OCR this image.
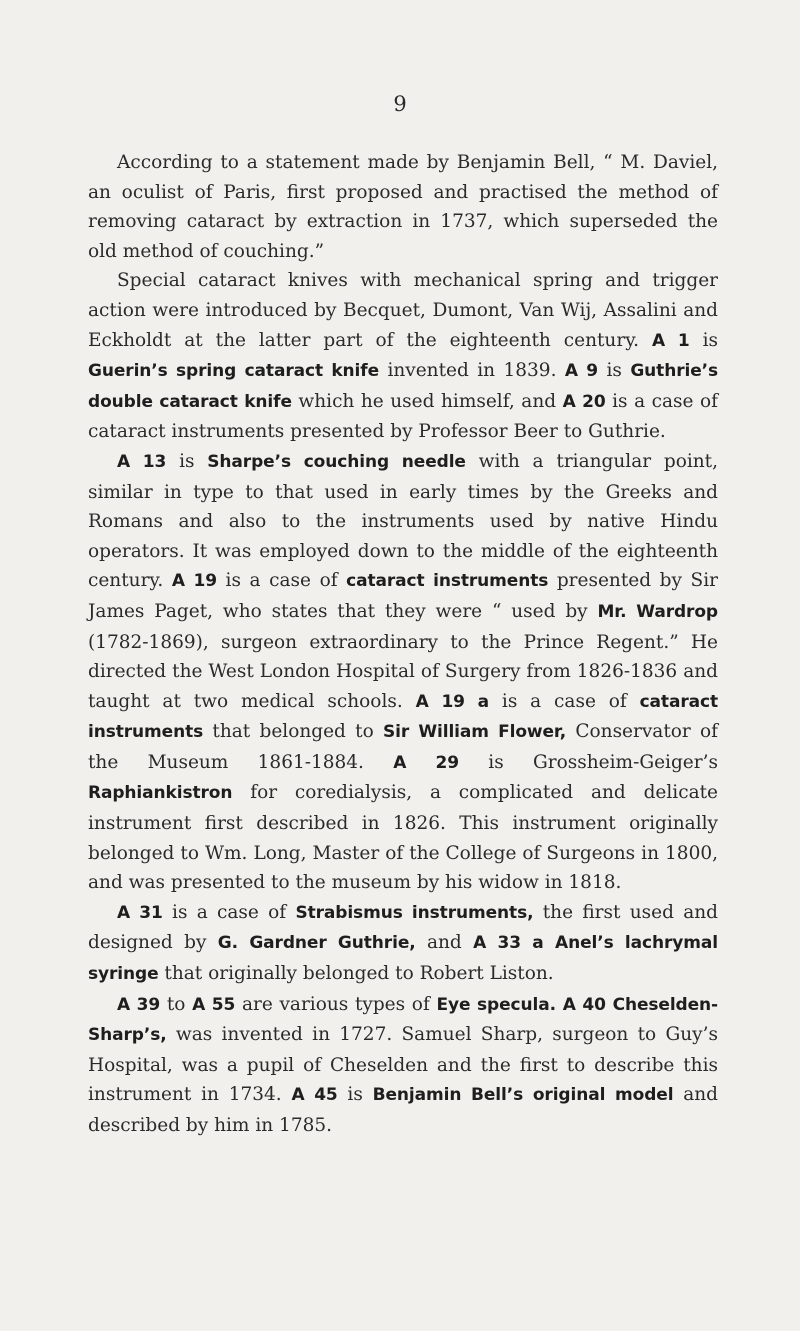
9

According to a statement made by Benjamin Bell, “ M. Daviel, an oculist of Paris, first proposed and practised the method of removing cataract by extraction in 1737, which superseded the old method of couching.”

Special cataract knives with mechanical spring and trigger action were introduced by Becquet, Dumont, Van Wij, Assalini and Eckholdt at the latter part of the eighteenth century. A 1 is Guerin’s spring cataract knife invented in 1839. A 9 is Guthrie’s double cataract knife which he used himself, and A 20 is a case of cataract instruments presented by Professor Beer to Guthrie.

A 13 is Sharpe’s couching needle with a triangular point, similar in type to that used in early times by the Greeks and Romans and also to the instruments used by native Hindu operators. It was employed down to the middle of the eighteenth century. A 19 is a case of cataract instruments presented by Sir James Paget, who states that they were “ used by Mr. Wardrop (1782-1869), surgeon extraordinary to the Prince Regent.” He directed the West London Hospital of Surgery from 1826-1836 and taught at two medical schools. A 19 a is a case of cataract instruments that belonged to Sir William Flower, Conservator of the Museum 1861-1884. A 29 is Grossheim-Geiger’s Raphiankistron for coredialysis, a complicated and delicate instrument first described in 1826. This instrument originally belonged to Wm. Long, Master of the College of Surgeons in 1800, and was presented to the museum by his widow in 1818.

A 31 is a case of Strabismus instruments, the first used and designed by G. Gardner Guthrie, and A 33 a Anel’s lachrymal syringe that originally belonged to Robert Liston.

A 39 to A 55 are various types of Eye specula. A 40 Cheselden-Sharp’s, was invented in 1727. Samuel Sharp, surgeon to Guy’s Hospital, was a pupil of Cheselden and the first to describe this instrument in 1734. A 45 is Benjamin Bell’s original model and described by him in 1785.
